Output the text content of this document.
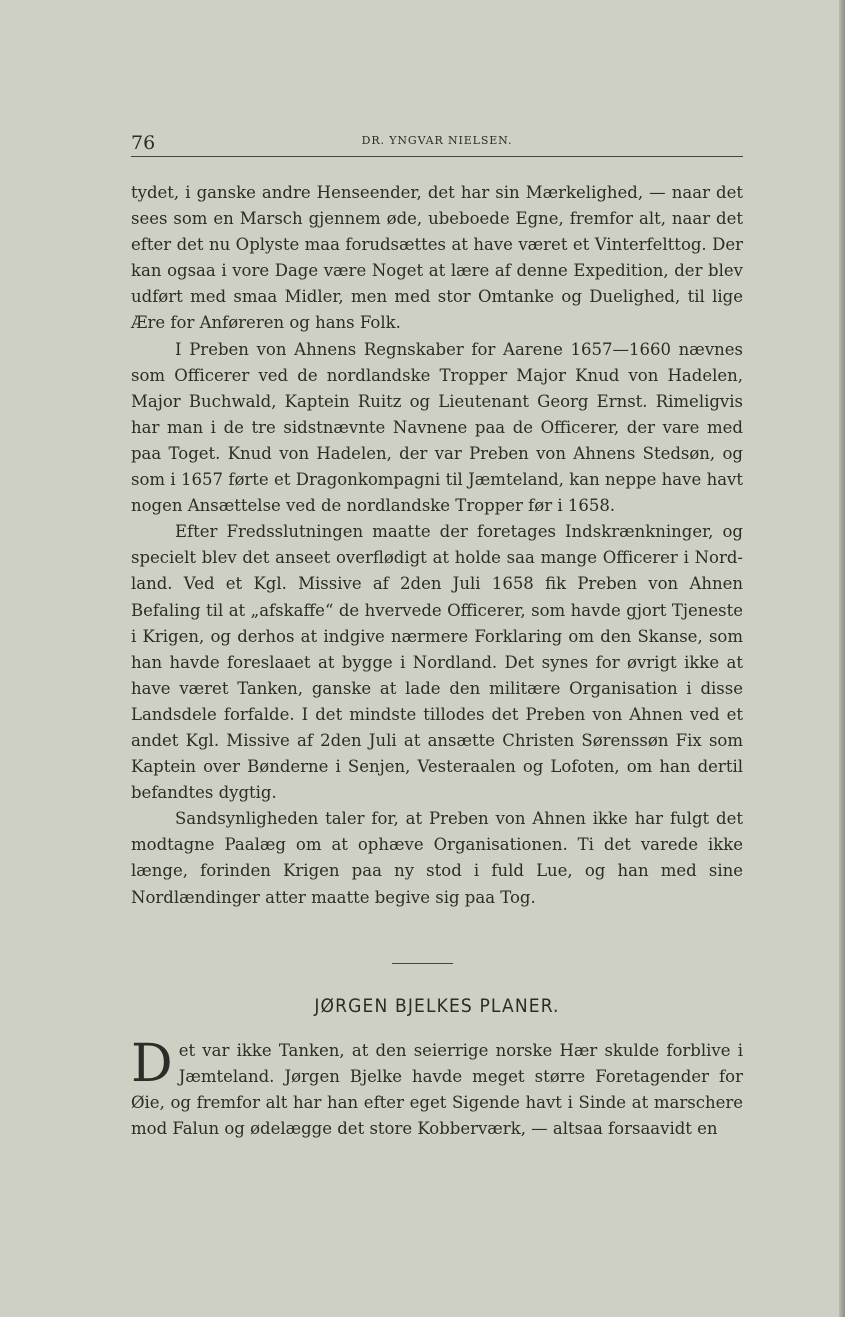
76	DR. YNGVAR NIELSEN.

tydet, i ganske andre Henseender, det har sin Mærkelighed, — naar det sees som en Marsch gjennem øde, ubeboede Egne, fremfor alt, naar det efter det nu Oplyste maa forudsættes at have været et Vinterfelttog. Der kan ogsaa i vore Dage være Noget at lære af denne Expedition, der blev udført med smaa Midler, men med stor Omtanke og Duelighed, til lige Ære for Anføreren og hans Folk.

I Preben von Ahnens Regnskaber for Aarene 1657—1660 nævnes som Officerer ved de nordlandske Tropper Major Knud von Hadelen, Major Buchwald, Kaptein Ruitz og Lieutenant Georg Ernst. Rimeligvis har man i de tre sidstnævnte Navnene paa de Officerer, der vare med paa Toget. Knud von Hadelen, der var Preben von Ahnens Stedsøn, og som i 1657 førte et Dragonkompagni til Jæmteland, kan neppe have havt nogen Ansættelse ved de nordlandske Tropper før i 1658.

Efter Fredsslutningen maatte der foretages Indskrænkninger, og specielt blev det anseet overflødigt at holde saa mange Officerer i Nordland. Ved et Kgl. Missive af 2den Juli 1658 fik Preben von Ahnen Befaling til at „afskaffe“ de hvervede Officerer, som havde gjort Tjeneste i Krigen, og derhos at indgive nærmere Forklaring om den Skanse, som han havde foreslaaet at bygge i Nordland. Det synes for øvrigt ikke at have været Tanken, ganske at lade den militære Organisation i disse Landsdele forfalde. I det mindste tillodes det Preben von Ahnen ved et andet Kgl. Missive af 2den Juli at ansætte Christen Sørenssøn Fix som Kaptein over Bønderne i Senjen, Vesteraalen og Lofoten, om han dertil befandtes dygtig.

Sandsynligheden taler for, at Preben von Ahnen ikke har fulgt det modtagne Paalæg om at ophæve Organisationen. Ti det varede ikke længe, forinden Krigen paa ny stod i fuld Lue, og han med sine Nordlændinger atter maatte begive sig paa Tog.

JØRGEN BJELKES PLANER.

Det var ikke Tanken, at den seierrige norske Hær skulde forblive i Jæmteland. Jørgen Bjelke havde meget større Foretagender for Øie, og fremfor alt har han efter eget Sigende havt i Sinde at marschere mod Falun og ødelægge det store Kobberværk, — altsaa forsaavidt en
